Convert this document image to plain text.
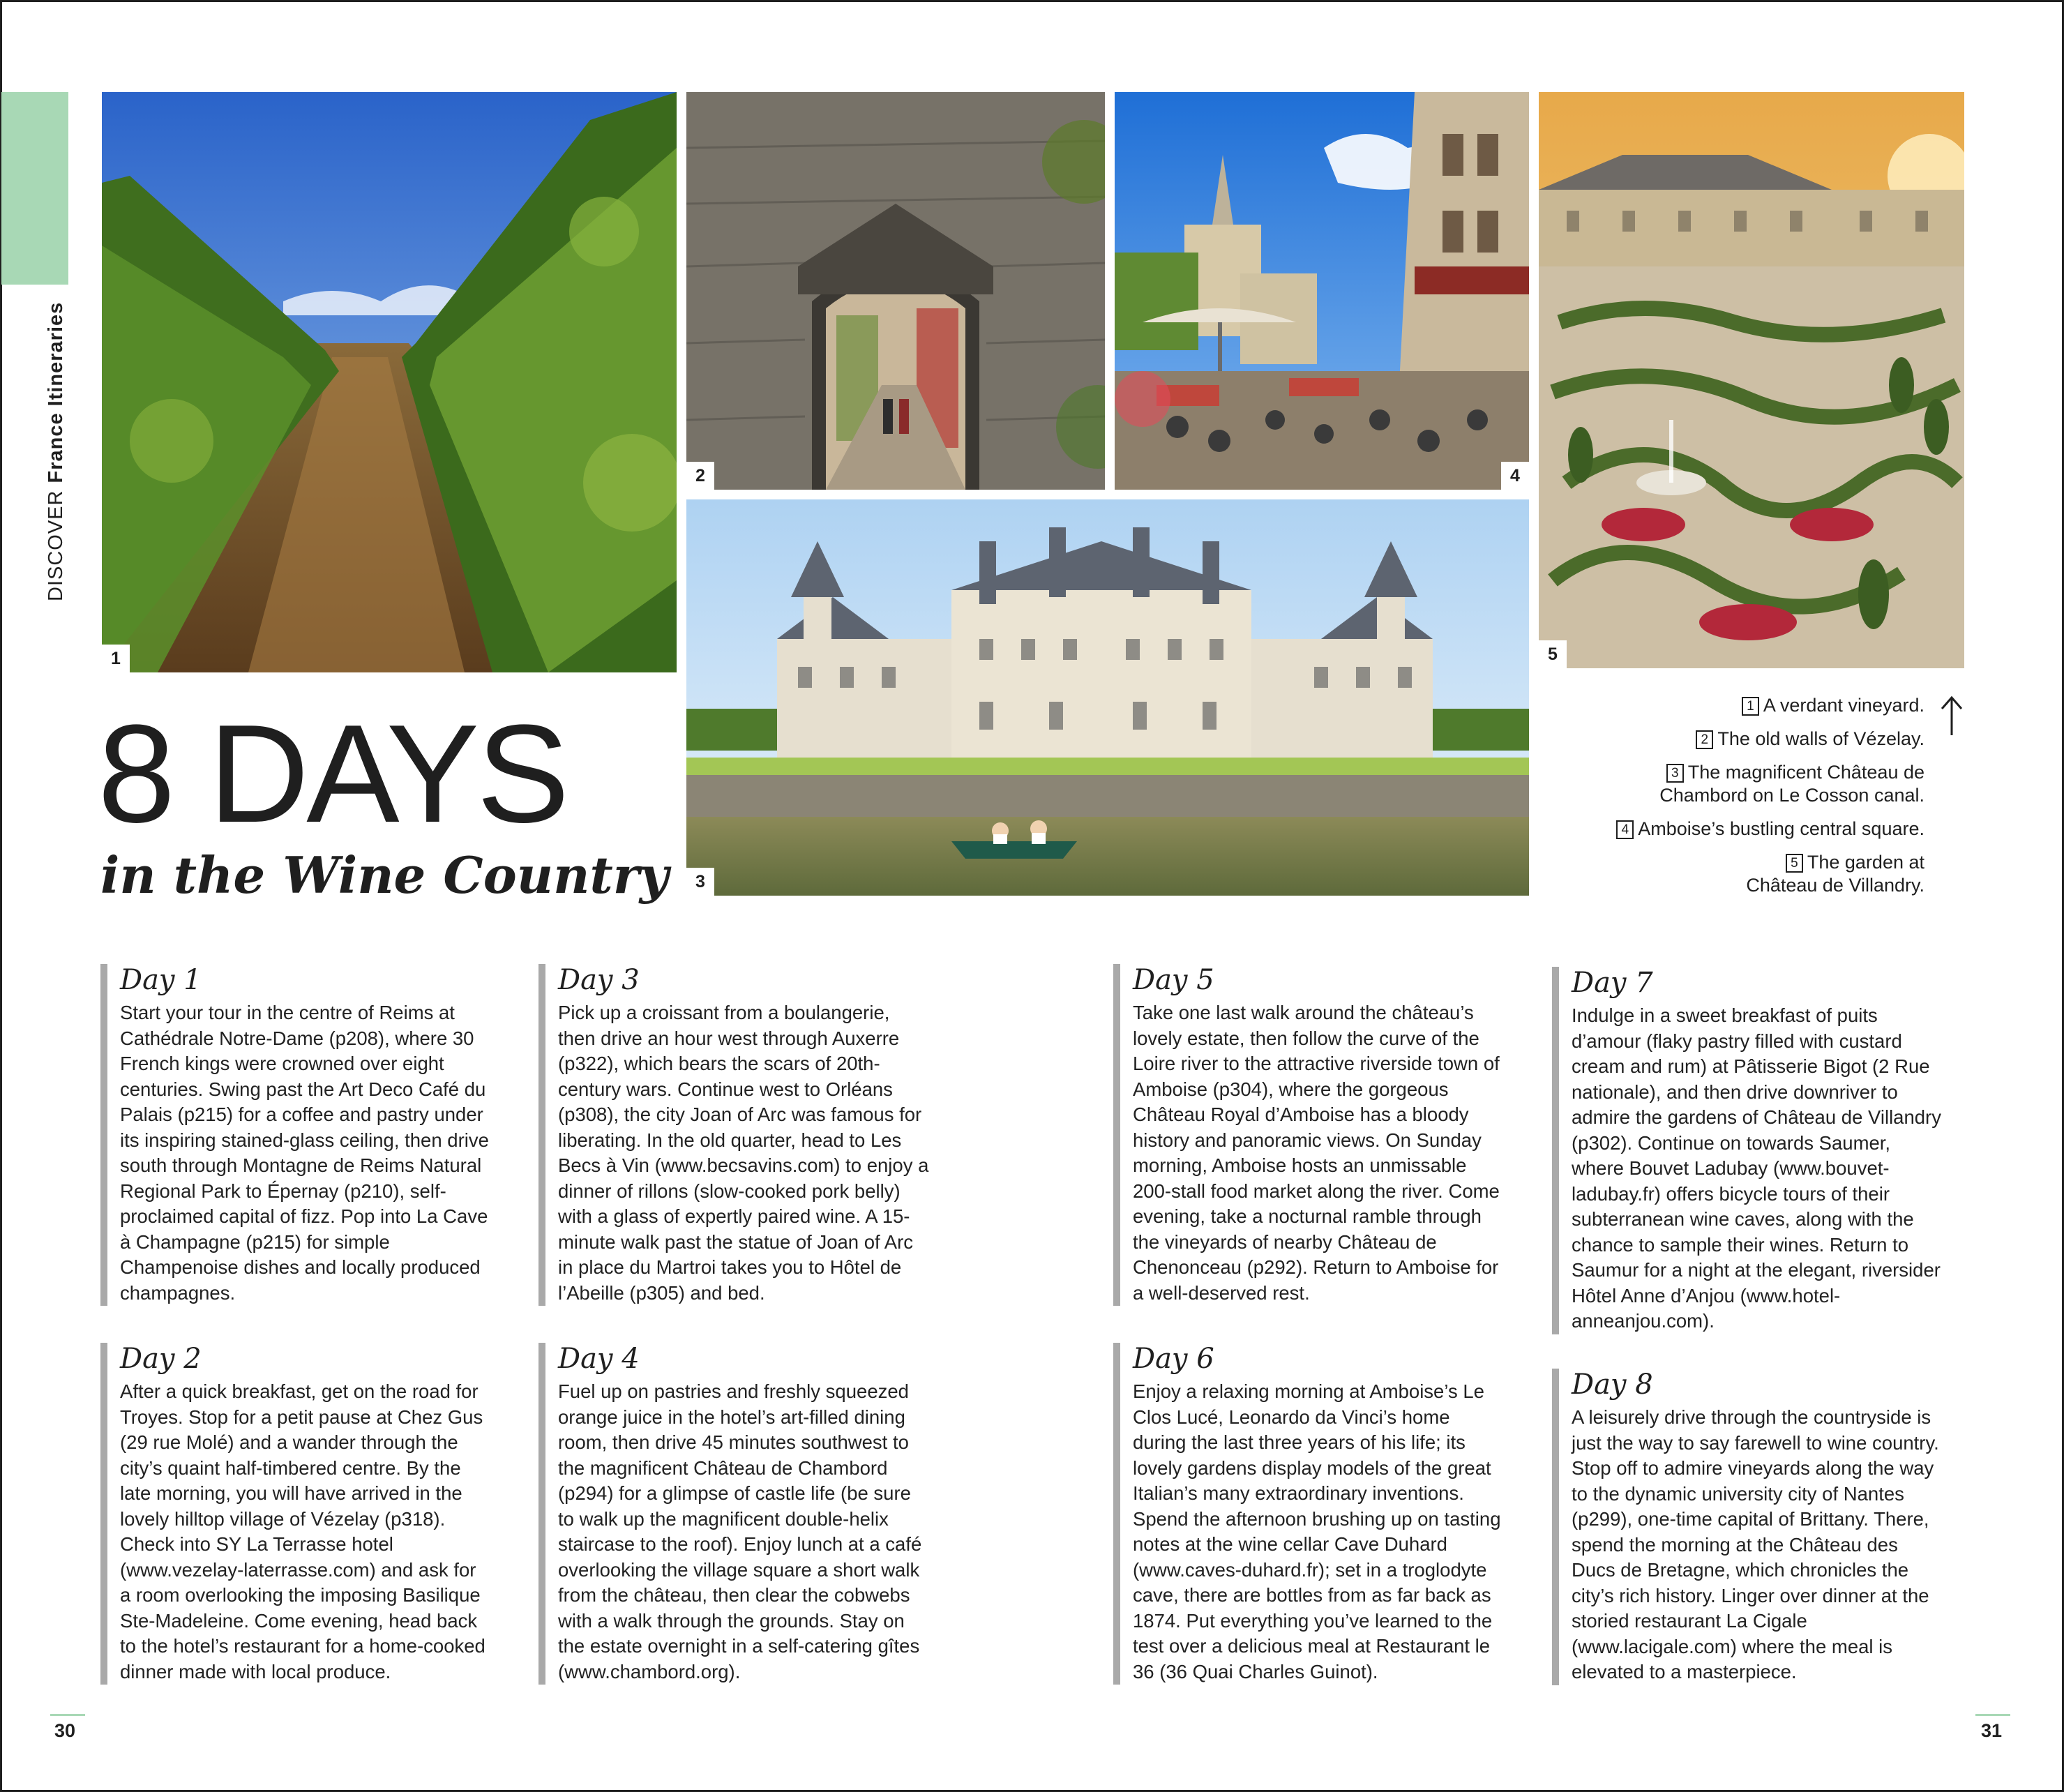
DISCOVERFrance Itineraries
1
2	4
5
3
8 DAYS
in the Wine Country
1 A verdant vineyard.
2 The old walls of Vézelay.
3 The magnificent Château de
Chambord on Le Cosson canal.
4 Amboise’s bustling central square.
5 The garden at
Château de Villandry.
Day 1

Start your tour in the centre of Reims at Cathédrale Notre-Dame (p208), where 30 French kings were crowned over eight centuries. Swing past the Art Deco Café du Palais (p215) for a coffee and pastry under its inspiring stained-glass ceiling, then drive south through Montagne de Reims Natural Regional Park to Épernay (p210), self-proclaimed capital of fizz. Pop into La Cave à Champagne (p215) for simple Champenoise dishes and locally produced champagnes.

Day 2

After a quick breakfast, get on the road for Troyes. Stop for a petit pause at Chez Gus (29 rue Molé) and a wander through the city’s quaint half-timbered centre. By the late morning, you will have arrived in the lovely hilltop village of Vézelay (p318). Check into SY La Terrasse hotel (www.vezelay-laterrasse.com) and ask for a room overlooking the imposing Basilique Ste-Madeleine. Come evening, head back to the hotel’s restaurant for a home-cooked dinner made with local produce.

Day 3

Pick up a croissant from a boulangerie, then drive an hour west through Auxerre (p322), which bears the scars of 20th-century wars. Continue west to Orléans (p308), the city Joan of Arc was famous for liberating. In the old quarter, head to Les Becs à Vin (www.becsavins.com) to enjoy a dinner of rillons (slow-cooked pork belly) with a glass of expertly paired wine. A 15-minute walk past the statue of Joan of Arc in place du Martroi takes you to Hôtel de l’Abeille (p305) and bed.

Day 4

Fuel up on pastries and freshly squeezed orange juice in the hotel’s art-filled dining room, then drive 45 minutes southwest to the magnificent Château de Chambord (p294) for a glimpse of castle life (be sure to walk up the magnificent double-helix staircase to the roof). Enjoy lunch at a café overlooking the village square a short walk from the château, then clear the cobwebs with a walk through the grounds. Stay on the estate overnight in a self-catering gîtes (www.chambord.org).

Day 5

Take one last walk around the château’s lovely estate, then follow the curve of the Loire river to the attractive riverside town of Amboise (p304), where the gorgeous Château Royal d’Amboise has a bloody history and panoramic views. On Sunday morning, Amboise hosts an unmissable 200-stall food market along the river. Come evening, take a nocturnal ramble through the vineyards of nearby Château de Chenonceau (p292). Return to Amboise for a well-deserved rest.

Day 6

Enjoy a relaxing morning at Amboise’s Le Clos Lucé, Leonardo da Vinci’s home during the last three years of his life; its lovely gardens display models of the great Italian’s many extraordinary inventions. Spend the afternoon brushing up on tasting notes at the wine cellar Cave Duhard (www.caves-duhard.fr); set in a troglodyte cave, there are bottles from as far back as 1874. Put everything you’ve learned to the test over a delicious meal at Restaurant le 36 (36 Quai Charles Guinot).

Day 7

Indulge in a sweet breakfast of puits d’amour (flaky pastry filled with custard cream and rum) at Pâtisserie Bigot (2 Rue nationale), and then drive downriver to admire the gardens of Château de Villandry (p302). Continue on towards Saumer, where Bouvet Ladubay (www.bouvet-ladubay.fr) offers bicycle tours of their subterranean wine caves, along with the chance to sample their wines. Return to Saumur for a night at the elegant, riversider Hôtel Anne d’Anjou (www.hotel-anneanjou.com).

Day 8

A leisurely drive through the countryside is just the way to say farewell to wine country. Stop off to admire vineyards along the way to the dynamic university city of Nantes (p299), one-time capital of Brittany. There, spend the morning at the Château des Ducs de Bretagne, which chronicles the city’s rich history. Linger over dinner at the storied restaurant La Cigale (www.lacigale.com) where the meal is elevated to a masterpiece.

30	31
